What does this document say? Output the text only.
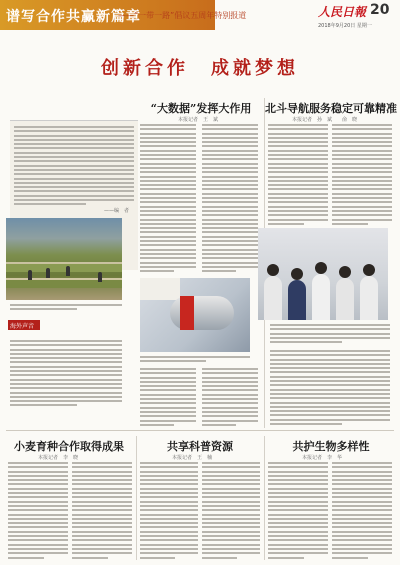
谱写合作共赢新篇章
——“一带一路”倡议五周年特别报道	人民日報 20
2018年9月20日 星期一
创新合作　成就梦想
——编　者
海外声音
“大数据”发挥大作用
本报记者　王　斌
北斗导航服务稳定可靠精准
本报记者　孙　斌　　俞　晓
小麦育种合作取得成果
本报记者　李　晓
共享科普资源
本报记者　王　楠
共护生物多样性
本报记者　李　华
